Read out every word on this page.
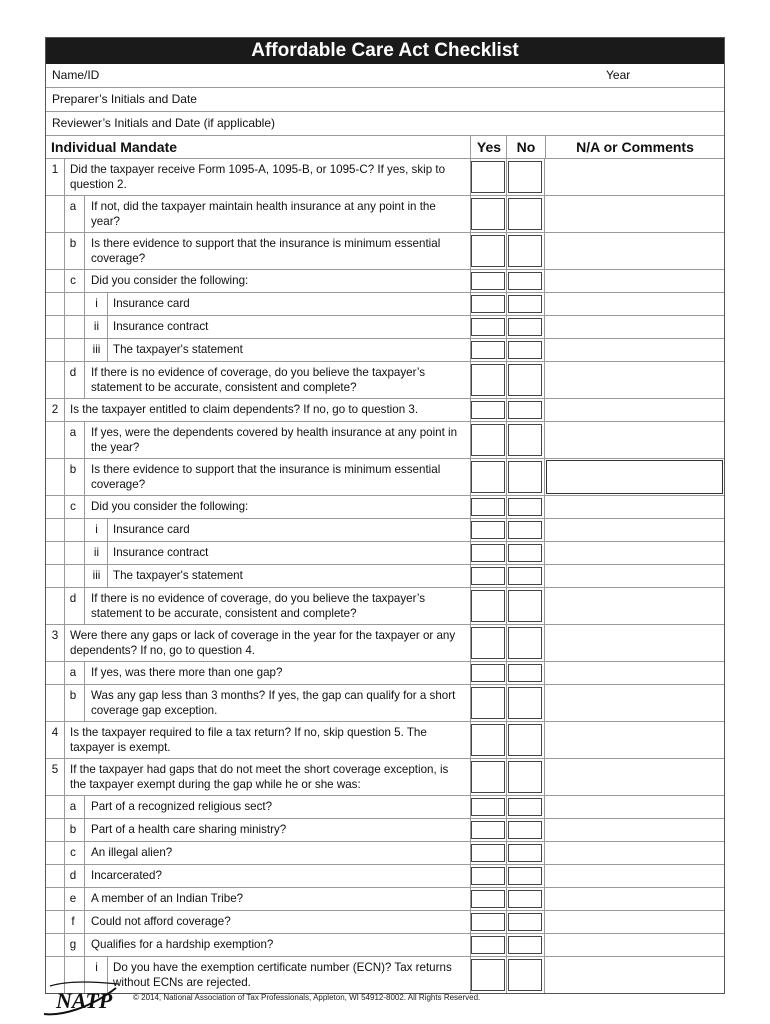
Affordable Care Act Checklist
Name/ID	Year
Preparer’s Initials and Date
Reviewer’s Initials and Date (if applicable)
Individual Mandate	Yes	No	N/A or Comments
1	Did the taxpayer receive Form 1095-A, 1095-B, or 1095-C? If yes, skip to question 2.
a	If not, did the taxpayer maintain health insurance at any point in the year?
b	Is there evidence to support that the insurance is minimum essential coverage?
c	Did you consider the following:
i	Insurance card
ii	Insurance contract
iii	The taxpayer's statement
d	If there is no evidence of coverage, do you believe the taxpayer’s statement to be accurate, consistent and complete?
2	Is the taxpayer entitled to claim dependents? If no, go to question 3.
a	If yes, were the dependents covered by health insurance at any point in the year?
b	Is there evidence to support that the insurance is minimum essential coverage?
c	Did you consider the following:
i	Insurance card
ii	Insurance contract
iii	The taxpayer's statement
d	If there is no evidence of coverage, do you believe the taxpayer’s statement to be accurate, consistent and complete?
3	Were there any gaps or lack of coverage in the year for the taxpayer or any dependents? If no, go to question 4.
a	If yes, was there more than one gap?
b	Was any gap less than 3 months? If yes, the gap can qualify for a short coverage gap exception.
4	Is the taxpayer required to file a tax return? If no, skip question 5. The taxpayer is exempt.
5	If the taxpayer had gaps that do not meet the short coverage exception, is the taxpayer exempt during the gap while he or she was:
a	Part of a recognized religious sect?
b	Part of a health care sharing ministry?
c	An illegal alien?
d	Incarcerated?
e	A member of an Indian Tribe?
f	Could not afford coverage?
g	Qualifies for a hardship exemption?
i	Do you have the exemption certificate number (ECN)? Tax returns without ECNs are rejected.
NATP	© 2014, National Association of Tax Professionals, Appleton, WI 54912-8002. All Rights Reserved.
